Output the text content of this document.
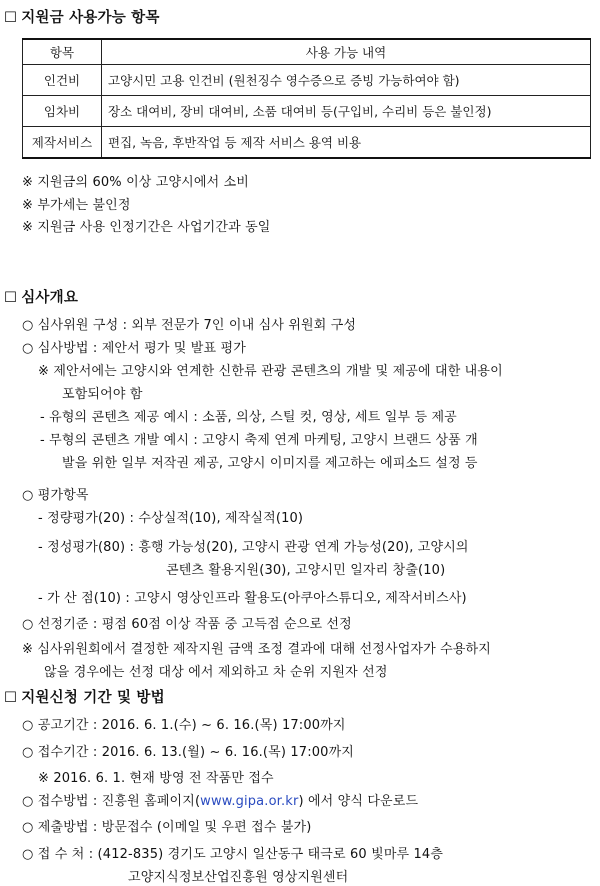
☐ 지원금 사용가능 항목
항목	사용 가능 내역
인건비	고양시민 고용 인건비 (원천징수 영수증으로 증빙 가능하여야 함)
임차비	장소 대여비, 장비 대여비, 소품 대여비 등(구입비, 수리비 등은 불인정)
제작서비스	편집, 녹음, 후반작업 등 제작 서비스 용역 비용
※ 지원금의 60% 이상 고양시에서 소비
※ 부가세는 불인정
※ 지원금 사용 인정기간은 사업기간과 동일
☐ 심사개요
○ 심사위원 구성 : 외부 전문가 7인 이내 심사 위원회 구성
○ 심사방법 : 제안서 평가 및 발표 평가
※ 제안서에는 고양시와 연계한 신한류 관광 콘텐츠의 개발 및 제공에 대한 내용이
포함되어야 함
- 유형의 콘텐츠 제공 예시 : 소품, 의상, 스틸 컷, 영상, 세트 일부 등 제공
- 무형의 콘텐츠 개발 예시 : 고양시 축제 연계 마케팅, 고양시 브랜드 상품 개
발을 위한 일부 저작권 제공, 고양시 이미지를 제고하는 에피소드 설정 등
○ 평가항목
- 정량평가(20) : 수상실적(10), 제작실적(10)
- 정성평가(80) : 흥행 가능성(20), 고양시 관광 연계 가능성(20), 고양시의
콘텐츠 활용지원(30), 고양시민 일자리 창출(10)
- 가 산 점(10) : 고양시 영상인프라 활용도(아쿠아스튜디오, 제작서비스사)
○ 선정기준 : 평점 60점 이상 작품 중 고득점 순으로 선정
※ 심사위원회에서 결정한 제작지원 금액 조정 결과에 대해 선정사업자가 수용하지
않을 경우에는 선정 대상 에서 제외하고 차 순위 지원자 선정
☐ 지원신청 기간 및 방법
○ 공고기간 : 2016. 6. 1.(수) ~ 6. 16.(목) 17:00까지
○ 접수기간 : 2016. 6. 13.(월) ~ 6. 16.(목) 17:00까지
※ 2016. 6. 1. 현재 방영 전 작품만 접수
○ 접수방법 : 진흥원 홈페이지(www.gipa.or.kr) 에서 양식 다운로드
○ 제출방법 : 방문접수 (이메일 및 우편 접수 불가)
○ 접 수 처 : (412-835) 경기도 고양시 일산동구 태극로 60 빛마루 14층
고양지식정보산업진흥원 영상지원센터
